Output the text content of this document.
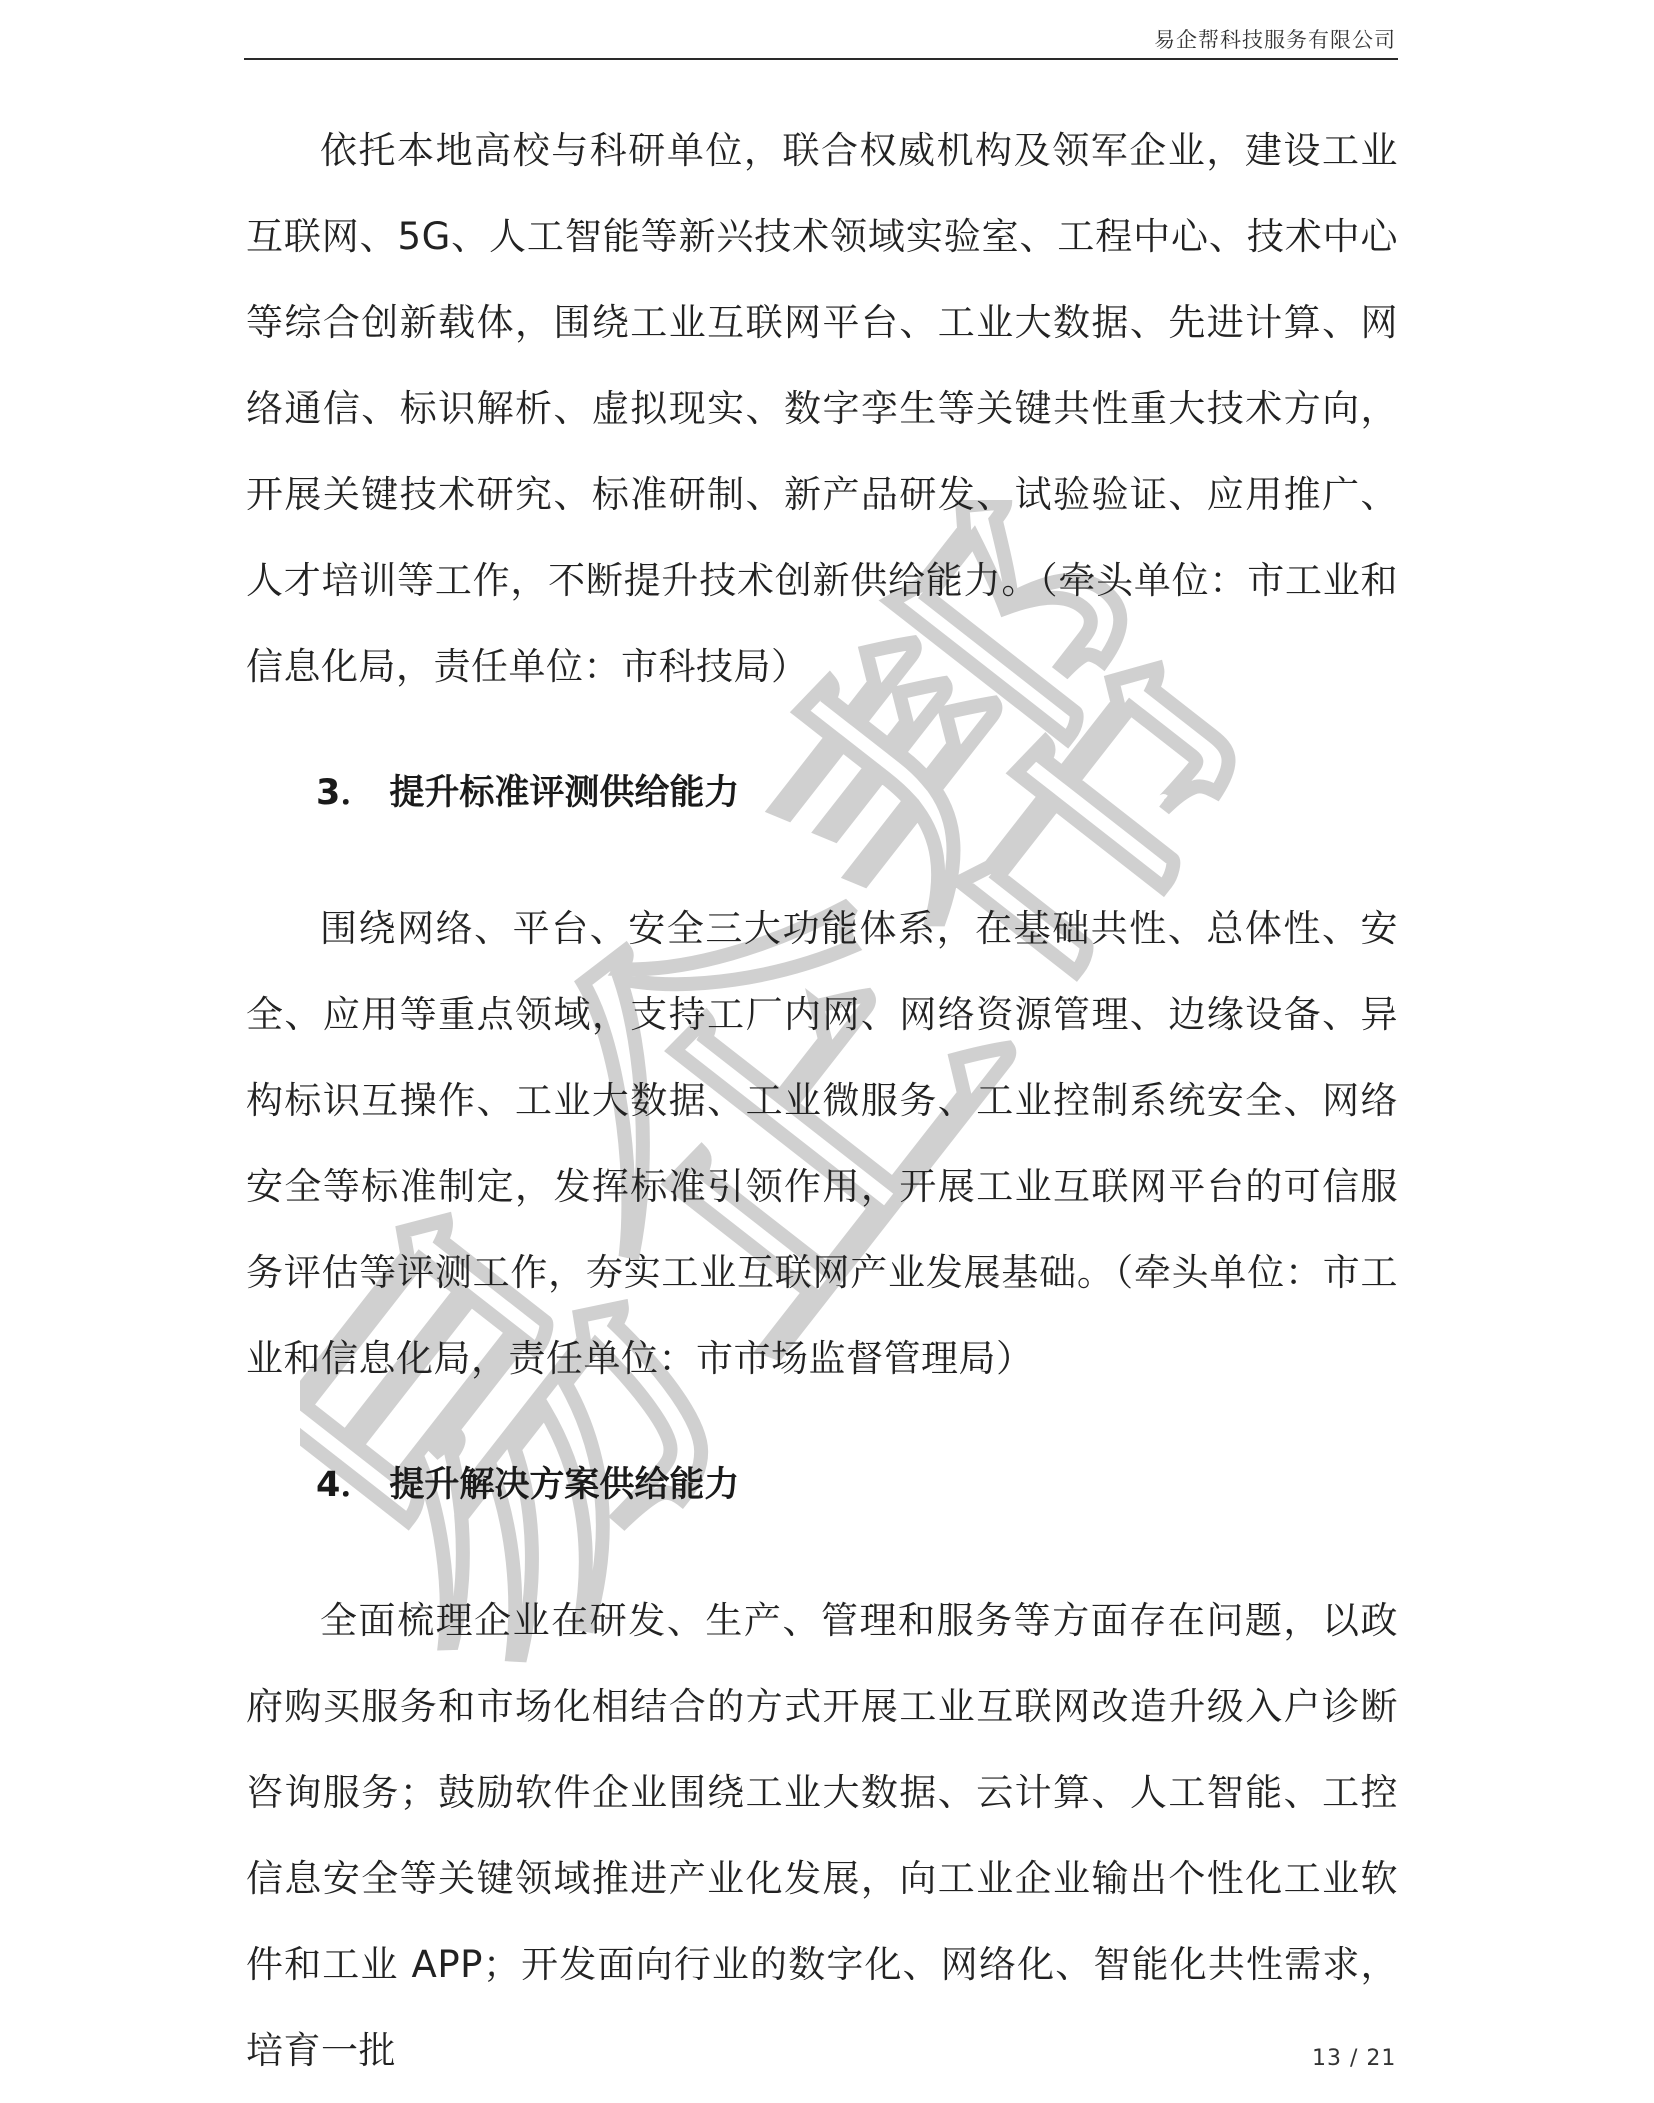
易企帮科技服务有限公司
易企帮

依托本地高校与科研单位，联合权威机构及领军企业，建设工业互联网、5G、人工智能等新兴技术领域实验室、工程中心、技术中心等综合创新载体，围绕工业互联网平台、工业大数据、先进计算、网络通信、标识解析、虚拟现实、数字孪生等关键共性重大技术方向，开展关键技术研究、标准研制、新产品研发、试验验证、应用推广、人才培训等工作，不断提升技术创新供给能力。（牵头单位：市工业和信息化局，责任单位：市科技局）

3． 提升标准评测供给能力

围绕网络、平台、安全三大功能体系，在基础共性、总体性、安全、应用等重点领域，支持工厂内网、网络资源管理、边缘设备、异构标识互操作、工业大数据、工业微服务、工业控制系统安全、网络安全等标准制定，发挥标准引领作用，开展工业互联网平台的可信服务评估等评测工作，夯实工业互联网产业发展基础。（牵头单位：市工业和信息化局，责任单位：市市场监督管理局）

4． 提升解决方案供给能力

全面梳理企业在研发、生产、管理和服务等方面存在问题，以政府购买服务和市场化相结合的方式开展工业互联网改造升级入户诊断咨询服务；鼓励软件企业围绕工业大数据、云计算、人工智能、工控信息安全等关键领域推进产业化发展，向工业企业输出个性化工业软件和工业 APP；开发面向行业的数字化、网络化、智能化共性需求，培育一批	13 / 21
